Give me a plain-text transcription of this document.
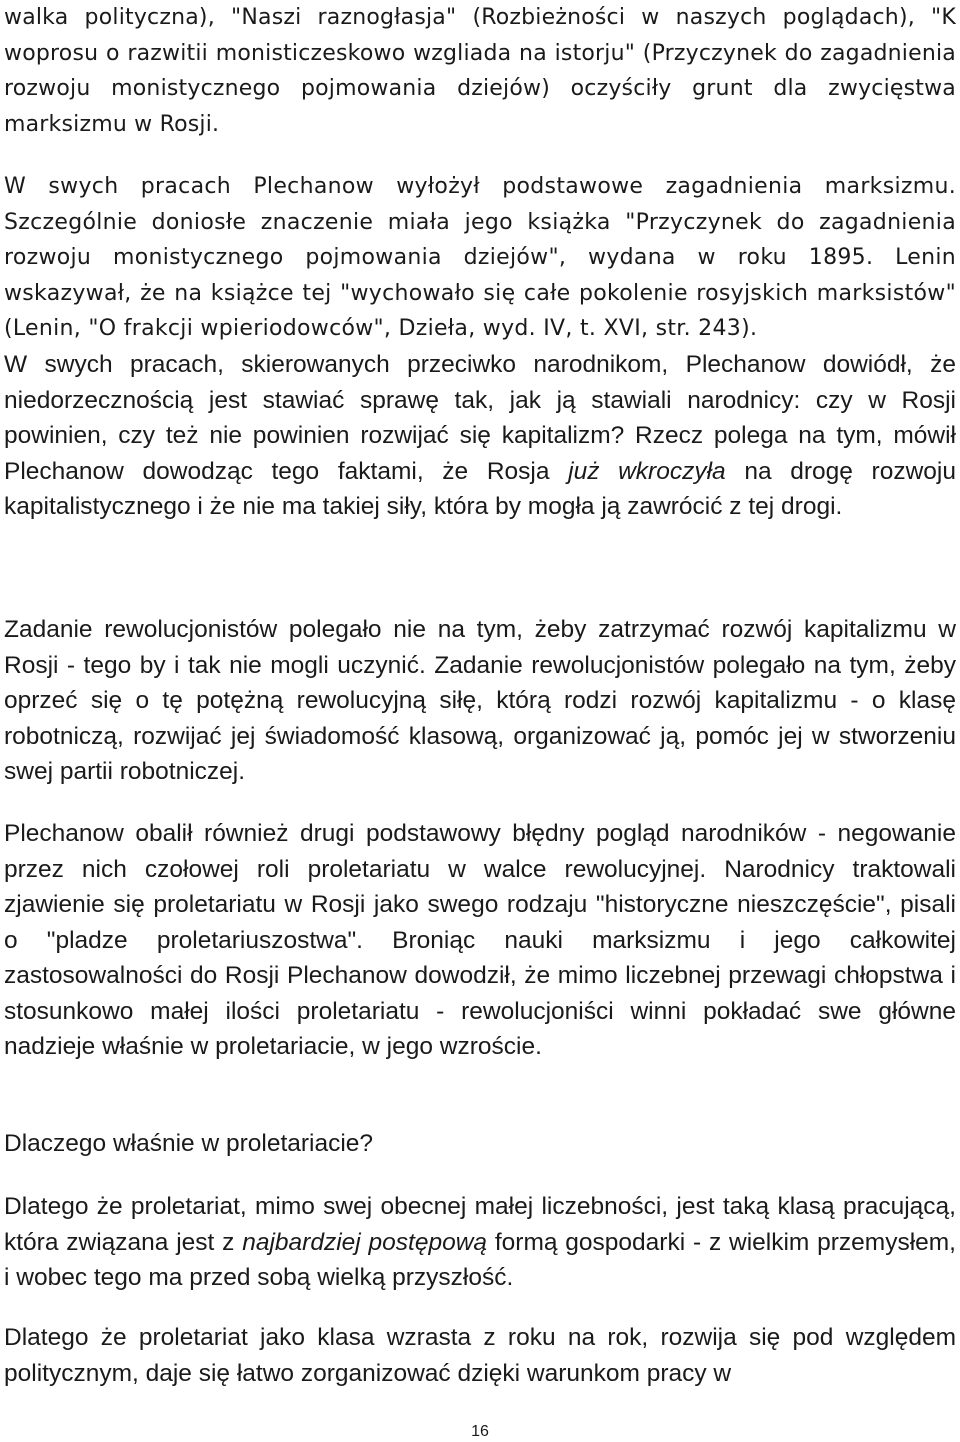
walka polityczna), "Naszi raznogłasja" (Rozbieżności w naszych poglądach), "K woprosu o razwitii monisticzeskowo wzgliada na istorju" (Przyczynek do zagadnienia rozwoju monistycznego pojmowania dziejów) oczyściły grunt dla zwycięstwa marksizmu w Rosji.

W swych pracach Plechanow wyłożył podstawowe zagadnienia marksizmu. Szczególnie doniosłe znaczenie miała jego książka "Przyczynek do zagadnienia rozwoju monistycznego pojmowania dziejów", wydana w roku 1895. Lenin wskazywał, że na książce tej "wychowało się całe pokolenie rosyjskich marksistów" (Lenin, "O frakcji wpieriodowców", Dzieła, wyd. IV, t. XVI, str. 243).

W swych pracach, skierowanych przeciwko narodnikom, Plechanow dowiódł, że niedorzecznością jest stawiać sprawę tak, jak ją stawiali narodnicy: czy w Rosji powinien, czy też nie powinien rozwijać się kapitalizm? Rzecz polega na tym, mówił Plechanow dowodząc tego faktami, że Rosja już wkroczyła na drogę rozwoju kapitalistycznego i że nie ma takiej siły, która by mogła ją zawrócić z tej drogi.

Zadanie rewolucjonistów polegało nie na tym, żeby zatrzymać rozwój kapitalizmu w Rosji - tego by i tak nie mogli uczynić. Zadanie rewolucjonistów polegało na tym, żeby oprzeć się o tę potężną rewolucyjną siłę, którą rodzi rozwój kapitalizmu - o klasę robotniczą, rozwijać jej świadomość klasową, organizować ją, pomóc jej w stworzeniu swej partii robotniczej.

Plechanow obalił również drugi podstawowy błędny pogląd narodników - negowanie przez nich czołowej roli proletariatu w walce rewolucyjnej. Narodnicy traktowali zjawienie się proletariatu w Rosji jako swego rodzaju "historyczne nieszczęście", pisali o "pladze proletariuszostwa". Broniąc nauki marksizmu i jego całkowitej zastosowalności do Rosji Plechanow dowodził, że mimo liczebnej przewagi chłopstwa i stosunkowo małej ilości proletariatu - rewolucjoniści winni pokładać swe główne nadzieje właśnie w proletariacie, w jego wzroście.

Dlaczego właśnie w proletariacie?

Dlatego że proletariat, mimo swej obecnej małej liczebności, jest taką klasą pracującą, która związana jest z najbardziej postępową formą gospodarki - z wielkim przemysłem, i wobec tego ma przed sobą wielką przyszłość.

Dlatego że proletariat jako klasa wzrasta z roku na rok, rozwija się pod względem politycznym, daje się łatwo zorganizować dzięki warunkom pracy w

16
